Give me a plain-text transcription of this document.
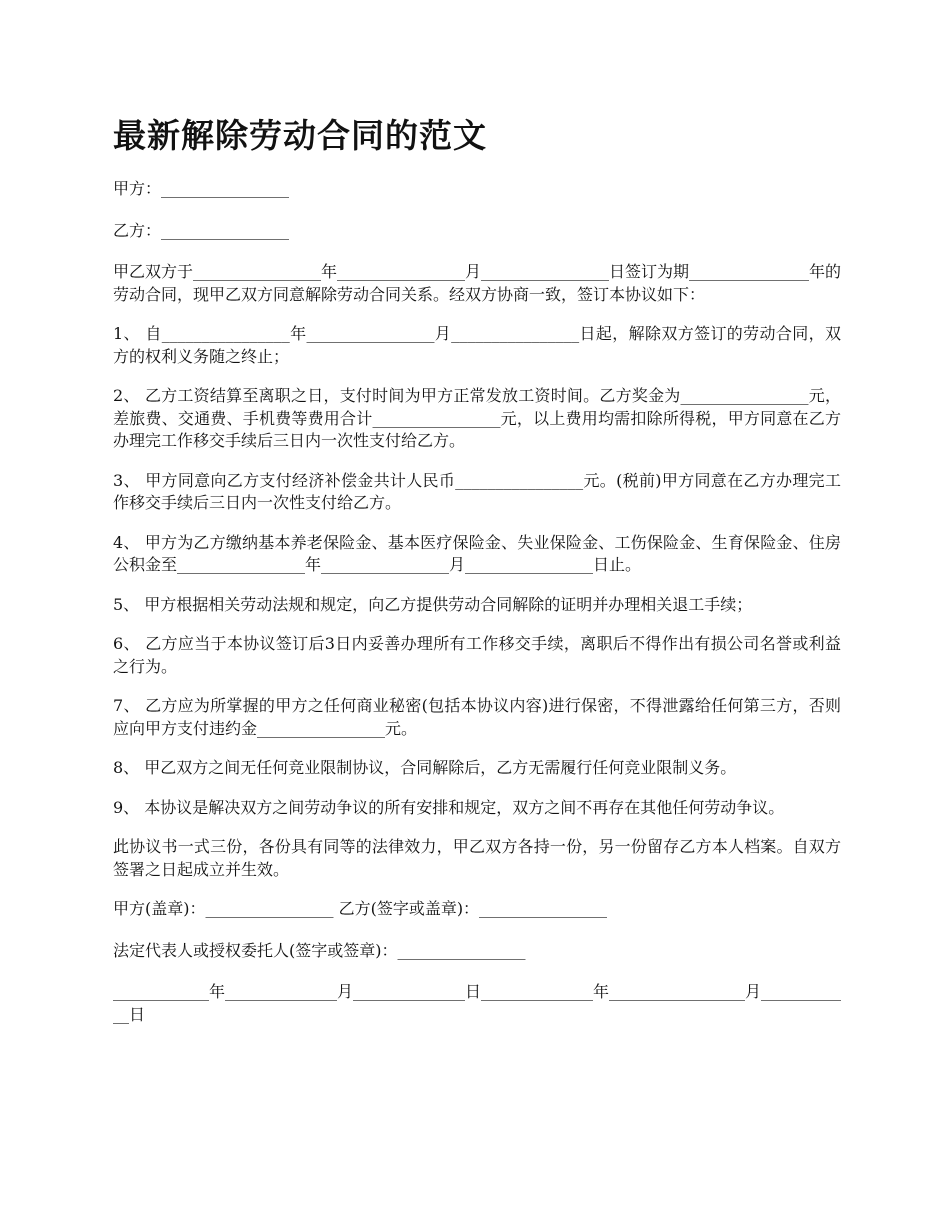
最新解除劳动合同的范文

甲方：________________

乙方：________________

甲乙双方于________________年________________月________________日签订为期_______________年的劳动合同，现甲乙双方同意解除劳动合同关系。经双方协商一致，签订本协议如下：

1、 自________________年________________月________________日起，解除双方签订的劳动合同，双方的权利义务随之终止；

2、 乙方工资结算至离职之日，支付时间为甲方正常发放工资时间。乙方奖金为________________元，差旅费、交通费、手机费等费用合计________________元，以上费用均需扣除所得税，甲方同意在乙方办理完工作移交手续后三日内一次性支付给乙方。

3、 甲方同意向乙方支付经济补偿金共计人民币________________元。(税前)甲方同意在乙方办理完工作移交手续后三日内一次性支付给乙方。

4、 甲方为乙方缴纳基本养老保险金、基本医疗保险金、失业保险金、工伤保险金、生育保险金、住房公积金至________________年________________月________________日止。

5、 甲方根据相关劳动法规和规定，向乙方提供劳动合同解除的证明并办理相关退工手续；

6、 乙方应当于本协议签订后3日内妥善办理所有工作移交手续，离职后不得作出有损公司名誉或利益之行为。

7、 乙方应为所掌握的甲方之任何商业秘密(包括本协议内容)进行保密，不得泄露给任何第三方，否则应向甲方支付违约金________________元。

8、 甲乙双方之间无任何竞业限制协议，合同解除后，乙方无需履行任何竞业限制义务。

9、 本协议是解决双方之间劳动争议的所有安排和规定，双方之间不再存在其他任何劳动争议。

此协议书一式三份，各份具有同等的法律效力，甲乙双方各持一份，另一份留存乙方本人档案。自双方签署之日起成立并生效。

甲方(盖章)：________________ 乙方(签字或盖章)：________________

法定代表人或授权委托人(签字或签章)：________________

____________年______________月______________日______________年_________________月____________日
